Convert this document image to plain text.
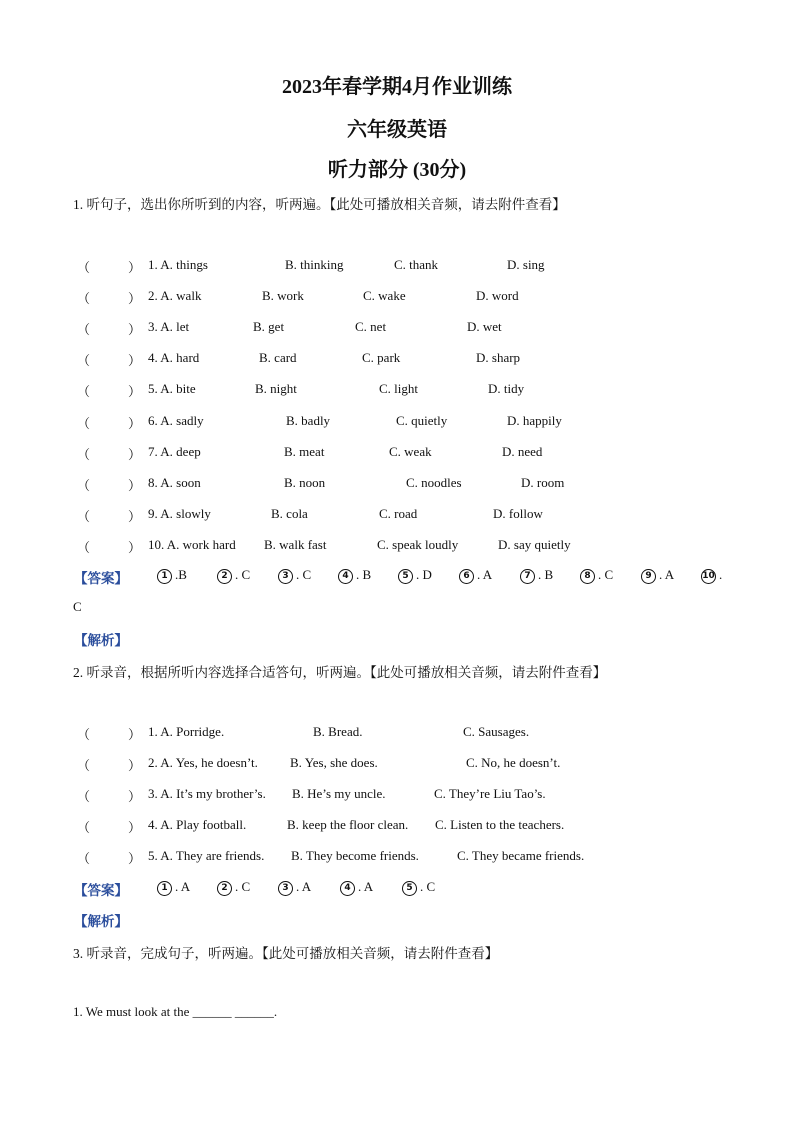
2023年春学期4月作业训练
六年级英语
听力部分 (30分)
1. 听句子，选出你所听到的内容，听两遍。【此处可播放相关音频，请去附件查看】
（	） 1. A. things	B. thinking	C. thank	D. sing
（	） 2. A. walk	B. work	C. wake	D. word
（	） 3. A. let	B. get	C. net	D. wet
（	） 4. A. hard	B. card	C. park	D. sharp
（	） 5. A. bite	B. night	C. light	D. tidy
（	） 6. A. sadly	B. badly	C. quietly	D. happily
（	） 7. A. deep	B. meat	C. weak	D. need
（	） 8. A. soon	B. noon	C. noodles	D. room
（	） 9. A. slowly	B. cola	C. road	D. follow
（	） 10. A. work hard B. walk fast	C. speak loudly	D. say quietly
【答案】	1 .B	2 . C	3 . C	4 . B	5 . D	6 . A	7 . B	8 . C	9 . A	10 .
C
【解析】
2. 听录音，根据所听内容选择合适答句，听两遍。【此处可播放相关音频，请去附件查看】
（	） 1. A. Porridge.	B. Bread.	C. Sausages.
（	） 2. A. Yes, he doesn’t. B. Yes, she does.	C. No, he doesn’t.
（	） 3. A. It’s my brother’s. B. He’s my uncle.	C. They’re Liu Tao’s.
（	） 4. A. Play football.	B. keep the floor clean. C. Listen to the teachers.
（	） 5. A. They are friends. B. They become friends.	C. They became friends.
【答案】	1 . A	2 . C	3 . A	4 . A	5 . C
【解析】
3. 听录音，完成句子，听两遍。【此处可播放相关音频，请去附件查看】
1. We must look at the ______ ______.
